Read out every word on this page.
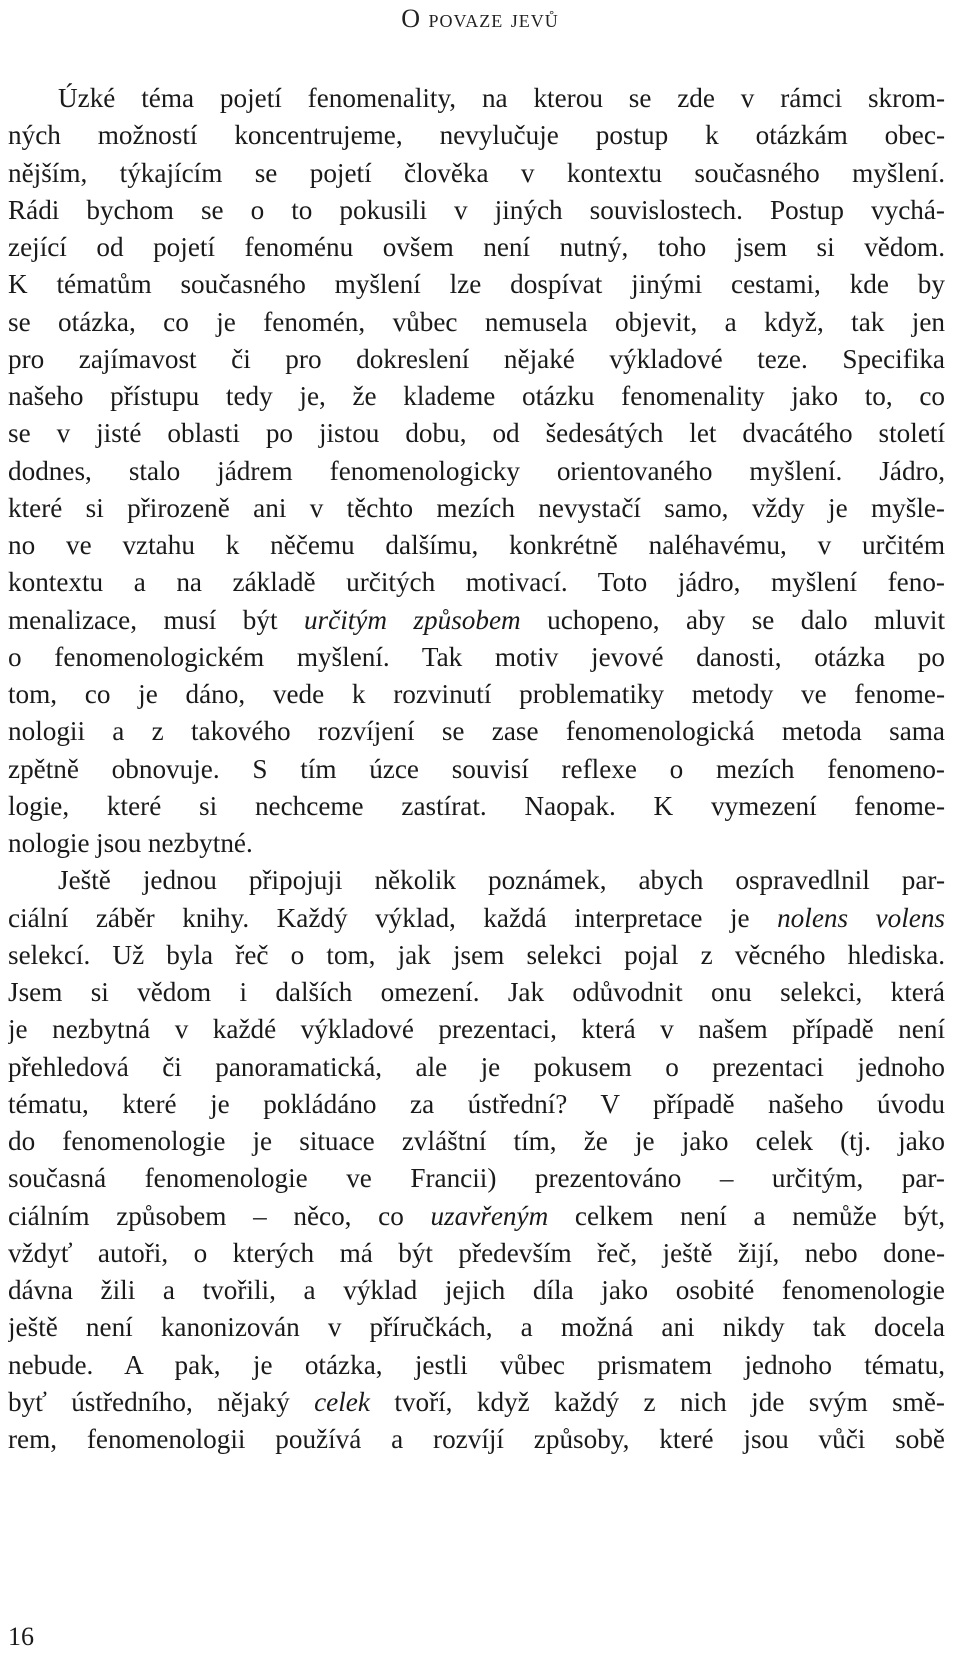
O povaze jevů
Úzké téma pojetí fenomenality, na kterou se zde v rámci skrom-
ných možností koncentrujeme, nevylučuje postup k otázkám obec-
nějším, týkajícím se pojetí člověka v kontextu současného myšlení.
Rádi bychom se o to pokusili v jiných souvislostech. Postup vychá-
zející od pojetí fenoménu ovšem není nutný, toho jsem si vědom.
K tématům současného myšlení lze dospívat jinými cestami, kde by
se otázka, co je fenomén, vůbec nemusela objevit, a když, tak jen
pro zajímavost či pro dokreslení nějaké výkladové teze. Specifika
našeho přístupu tedy je, že klademe otázku fenomenality jako to, co
se v jisté oblasti po jistou dobu, od šedesátých let dvacátého století
dodnes, stalo jádrem fenomenologicky orientovaného myšlení. Jádro,
které si přirozeně ani v těchto mezích nevystačí samo, vždy je myšle-
no ve vztahu k něčemu dalšímu, konkrétně naléhavému, v určitém
kontextu a na základě určitých motivací. Toto jádro, myšlení feno-
menalizace, musí být určitým způsobem uchopeno, aby se dalo mluvit
o fenomenologickém myšlení. Tak motiv jevové danosti, otázka po
tom, co je dáno, vede k rozvinutí problematiky metody ve fenome-
nologii a z takového rozvíjení se zase fenomenologická metoda sama
zpětně obnovuje. S tím úzce souvisí reflexe o mezích fenomeno-
logie, které si nechceme zastírat. Naopak. K vymezení fenome-
nologie jsou nezbytné.
Ještě jednou připojuji několik poznámek, abych ospravedlnil par-
ciální záběr knihy. Každý výklad, každá interpretace je nolens volens
selekcí. Už byla řeč o tom, jak jsem selekci pojal z věcného hlediska.
Jsem si vědom i dalších omezení. Jak odůvodnit onu selekci, která
je nezbytná v každé výkladové prezentaci, která v našem případě není
přehledová či panoramatická, ale je pokusem o prezentaci jednoho
tématu, které je pokládáno za ústřední? V případě našeho úvodu
do fenomenologie je situace zvláštní tím, že je jako celek (tj. jako
současná fenomenologie ve Francii) prezentováno – určitým, par-
ciálním způsobem – něco, co uzavřeným celkem není a nemůže být,
vždyť autoři, o kterých má být především řeč, ještě žijí, nebo done-
dávna žili a tvořili, a výklad jejich díla jako osobité fenomenologie
ještě není kanonizován v příručkách, a možná ani nikdy tak docela
nebude. A pak, je otázka, jestli vůbec prismatem jednoho tématu,
byť ústředního, nějaký celek tvoří, když každý z nich jde svým smě-
rem, fenomenologii používá a rozvíjí způsoby, které jsou vůči sobě
16
